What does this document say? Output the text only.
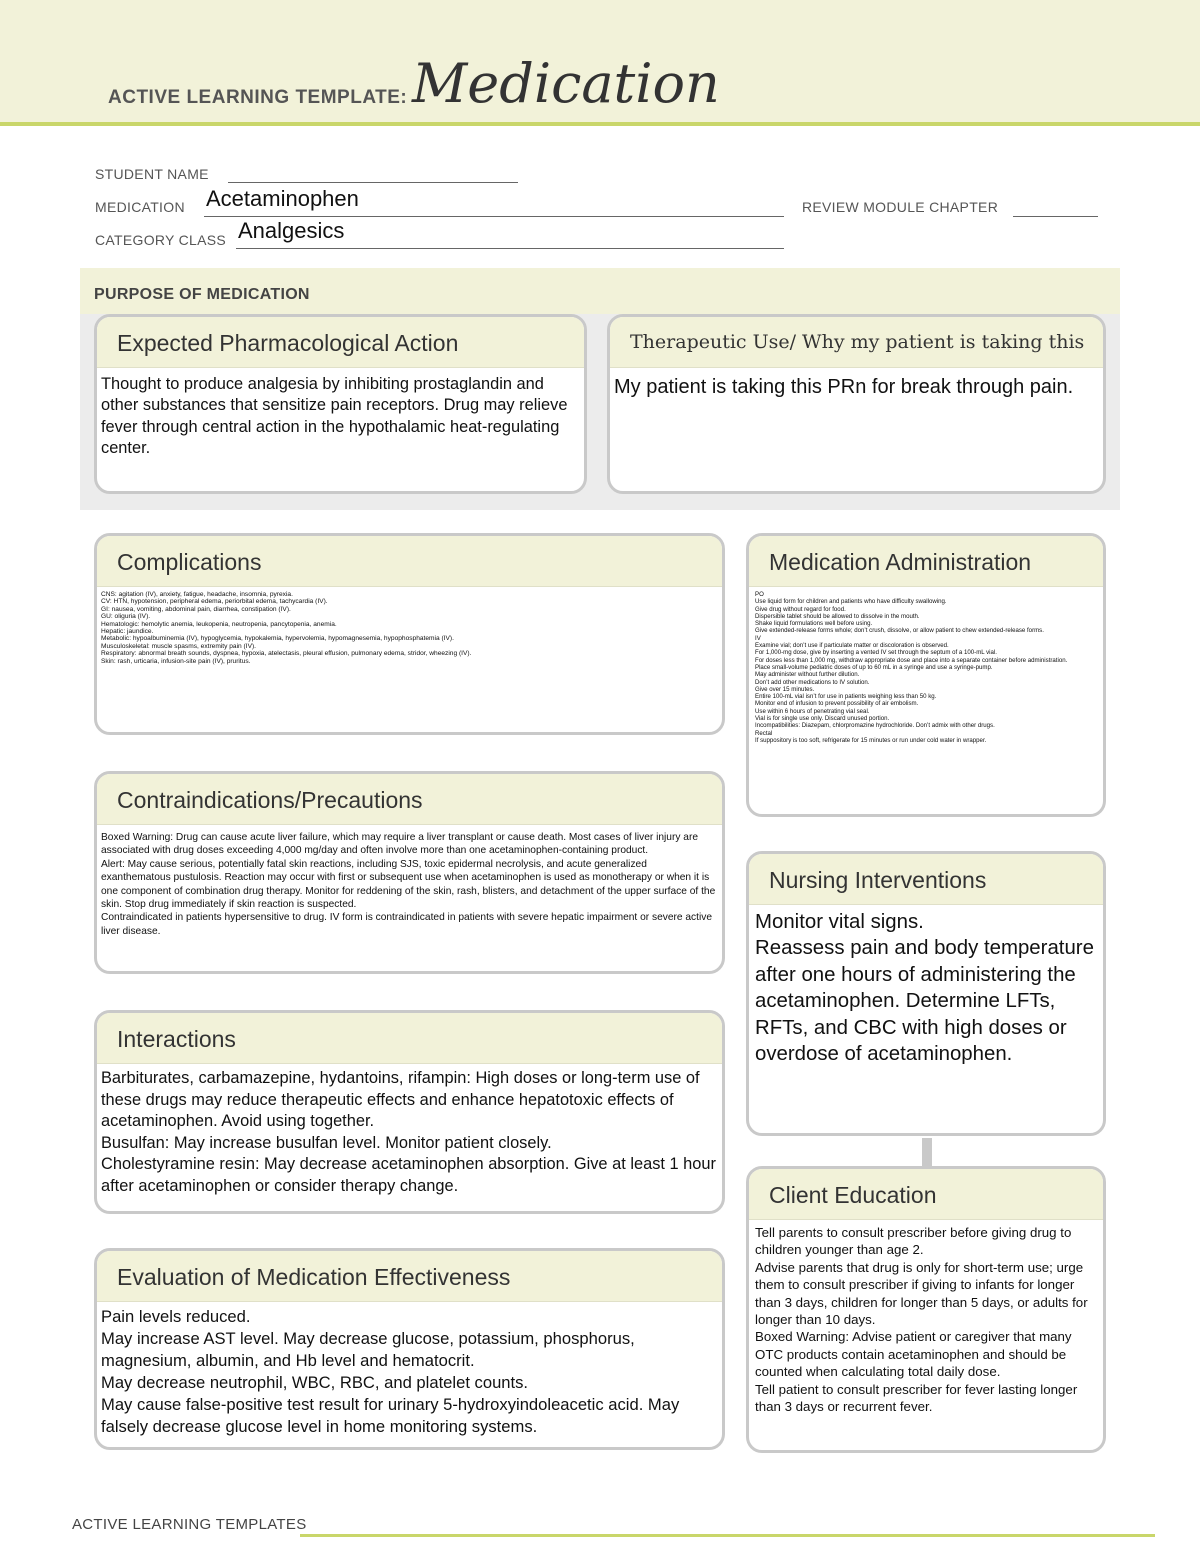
ACTIVE LEARNING TEMPLATE: Medication
STUDENT NAME
MEDICATION Acetaminophen	REVIEW MODULE CHAPTER
CATEGORY CLASS Analgesics
PURPOSE OF MEDICATION
Expected Pharmacological Action
Thought to produce analgesia by inhibiting prostaglandin and other substances that sensitize pain receptors. Drug may relieve fever through central action in the hypothalamic heat-regulating center.
Therapeutic Use/ Why my patient is taking this
My patient is taking this PRn for break through pain.
Complications
CNS: agitation (IV), anxiety, fatigue, headache, insomnia, pyrexia.
CV: HTN, hypotension, peripheral edema, periorbital edema, tachycardia (IV).
GI: nausea, vomiting, abdominal pain, diarrhea, constipation (IV).
GU: oliguria (IV).
Hematologic: hemolytic anemia, leukopenia, neutropenia, pancytopenia, anemia.
Hepatic: jaundice.
Metabolic: hypoalbuminemia (IV), hypoglycemia, hypokalemia, hypervolemia, hypomagnesemia, hypophosphatemia (IV).
Musculoskeletal: muscle spasms, extremity pain (IV).
Respiratory: abnormal breath sounds, dyspnea, hypoxia, atelectasis, pleural effusion, pulmonary edema, stridor, wheezing (IV).
Skin: rash, urticaria, infusion-site pain (IV), pruritus.
Medication Administration
PO
Use liquid form for children and patients who have difficulty swallowing.
Give drug without regard for food.
Dispersible tablet should be allowed to dissolve in the mouth.
Shake liquid formulations well before using.
Give extended-release forms whole; don’t crush, dissolve, or allow patient to chew extended-release forms.
IV
Examine vial; don’t use if particulate matter or discoloration is observed.
For 1,000-mg dose, give by inserting a vented IV set through the septum of a 100-mL vial.
For doses less than 1,000 mg, withdraw appropriate dose and place into a separate container before administration.
Place small-volume pediatric doses of up to 60 mL in a syringe and use a syringe-pump.
May administer without further dilution.
Don’t add other medications to IV solution.
Give over 15 minutes.
Entire 100-mL vial isn’t for use in patients weighing less than 50 kg.
Monitor end of infusion to prevent possibility of air embolism.
Use within 6 hours of penetrating vial seal.
Vial is for single use only. Discard unused portion.
Incompatibilities: Diazepam, chlorpromazine hydrochloride. Don’t admix with other drugs.
Rectal
If suppository is too soft, refrigerate for 15 minutes or run under cold water in wrapper.
Contraindications/Precautions
Boxed Warning: Drug can cause acute liver failure, which may require a liver transplant or cause death. Most cases of liver injury are associated with drug doses exceeding 4,000 mg/day and often involve more than one acetaminophen-containing product.
Alert: May cause serious, potentially fatal skin reactions, including SJS, toxic epidermal necrolysis, and acute generalized exanthematous pustulosis. Reaction may occur with first or subsequent use when acetaminophen is used as monotherapy or when it is one component of combination drug therapy. Monitor for reddening of the skin, rash, blisters, and detachment of the upper surface of the skin. Stop drug immediately if skin reaction is suspected.
Contraindicated in patients hypersensitive to drug. IV form is contraindicated in patients with severe hepatic impairment or severe active liver disease.
Nursing Interventions
Monitor vital signs.
Reassess pain and body temperature after one hours of administering the acetaminophen. Determine LFTs, RFTs, and CBC with high doses or overdose of acetaminophen.
Interactions
Barbiturates, carbamazepine, hydantoins, rifampin: High doses or long-term use of these drugs may reduce therapeutic effects and enhance hepatotoxic effects of acetaminophen. Avoid using together.
Busulfan: May increase busulfan level. Monitor patient closely.
Cholestyramine resin: May decrease acetaminophen absorption. Give at least 1 hour after acetaminophen or consider therapy change.	Client Education
Tell parents to consult prescriber before giving drug to children younger than age 2.
Advise parents that drug is only for short-term use; urge them to consult prescriber if giving to infants for longer than 3 days, children for longer than 5 days, or adults for longer than 10 days.
Boxed Warning: Advise patient or caregiver that many OTC products contain acetaminophen and should be counted when calculating total daily dose.
Tell patient to consult prescriber for fever lasting longer than 3 days or recurrent fever.
Evaluation of Medication Effectiveness
Pain levels reduced.
May increase AST level. May decrease glucose, potassium, phosphorus, magnesium, albumin, and Hb level and hematocrit.
May decrease neutrophil, WBC, RBC, and platelet counts.
May cause false-positive test result for urinary 5-hydroxyindoleacetic acid. May falsely decrease glucose level in home monitoring systems.
ACTIVE LEARNING TEMPLATES
